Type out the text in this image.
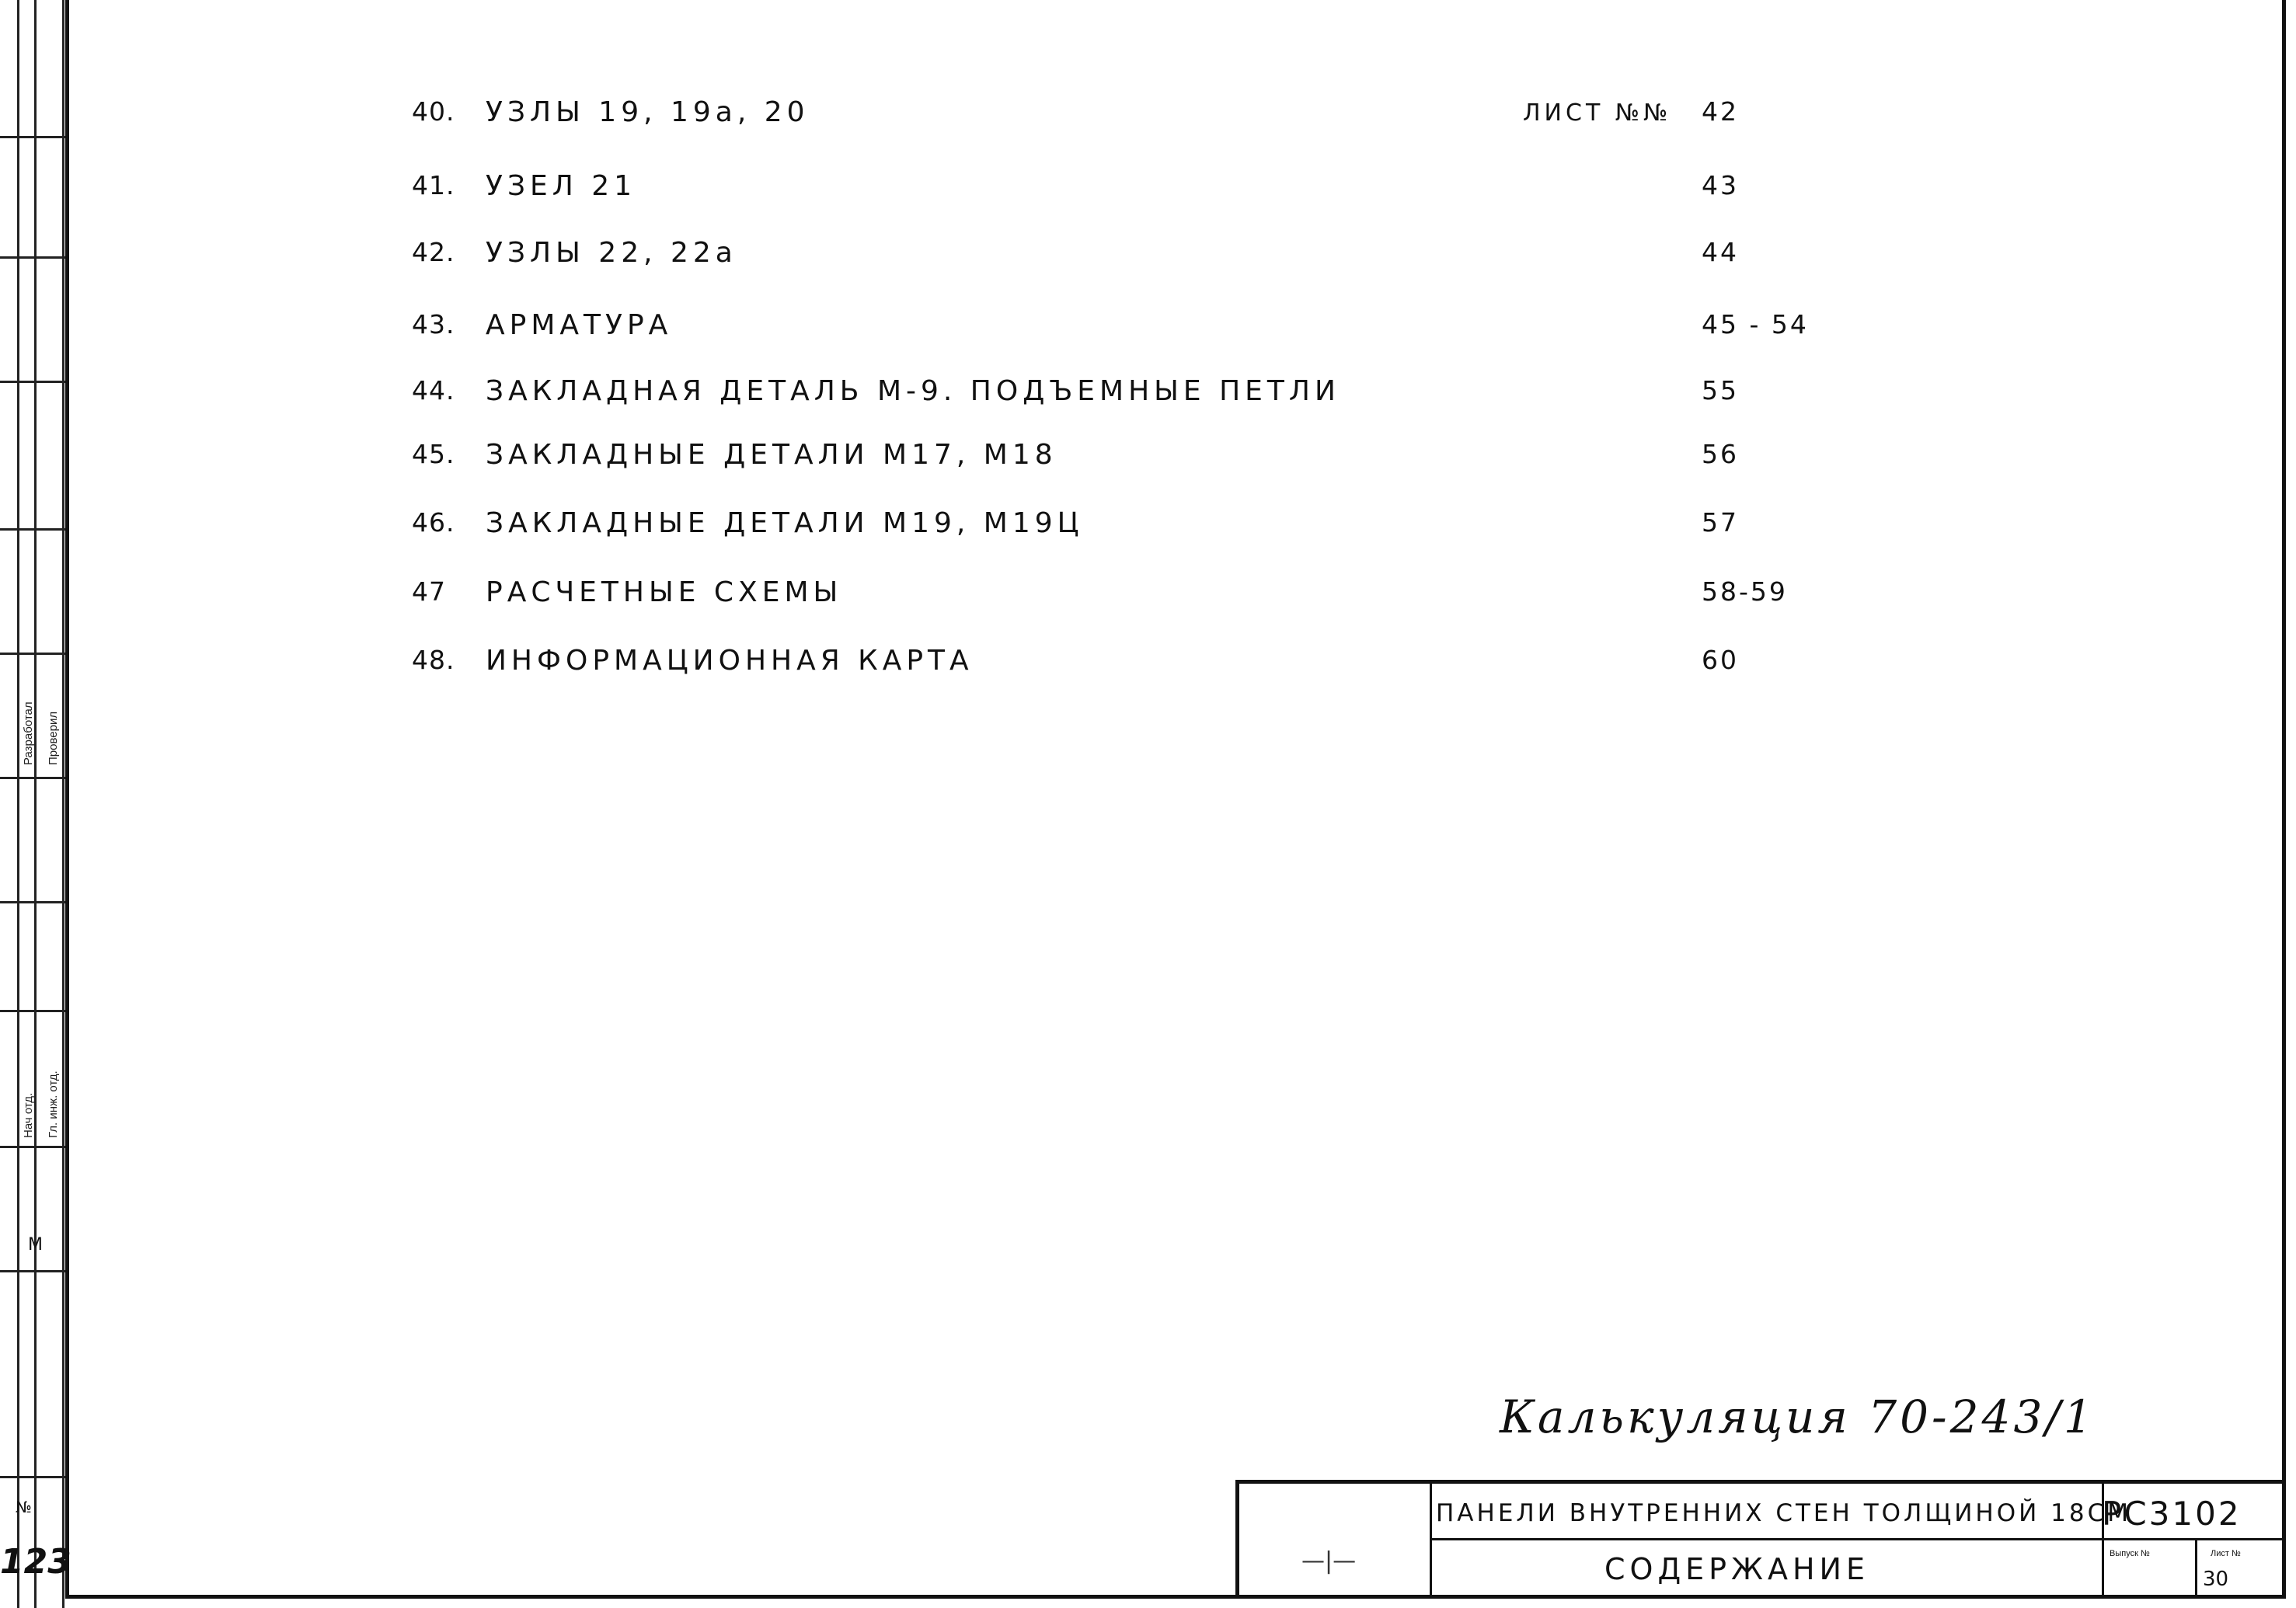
Разработал Проверил
Нач отд. Гл. инж. отд.
М
№
123
ЛИСТ №№
40. УЗЛЫ 19, 19а, 20	42
41. УЗЕЛ 21	43
42. УЗЛЫ 22, 22а	44
43. АРМАТУРА	45 - 54
44. ЗАКЛАДНАЯ ДЕТАЛЬ М-9. ПОДЪЕМНЫЕ ПЕТЛИ	55
45. ЗАКЛАДНЫЕ ДЕТАЛИ М17, М18	56
46. ЗАКЛАДНЫЕ ДЕТАЛИ М19, М19Ц	57
47 РАСЧЕТНЫЕ СХЕМЫ	58-59
48. ИНФОРМАЦИОННАЯ КАРТА	60
Калькуляция 70-243/1
—|—
ПАНЕЛИ ВНУТРЕННИХ СТЕН ТОЛЩИНОЙ 18СМ
РС3102
СОДЕРЖАНИЕ	Выпуск №	Лист №
30
